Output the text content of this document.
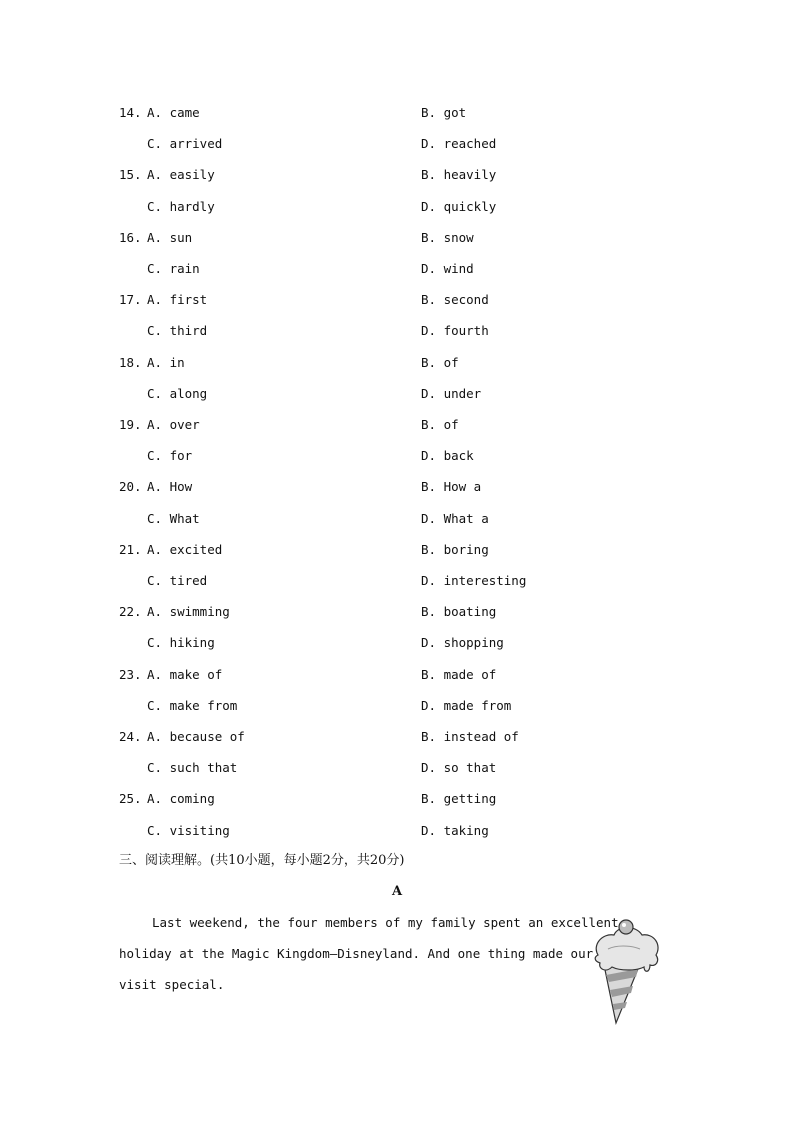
14. A. came	B. got
C. arrived	D. reached
15. A. easily	B. heavily
C. hardly	D. quickly
16. A. sun	B. snow
C. rain	D. wind
17. A. first	B. second
C. third	D. fourth
18. A. in	B. of
C. along	D. under
19. A. over	B. of
C. for	D. back
20. A. How	B. How a
C. What	D. What a
21. A. excited	B. boring
C. tired	D. interesting
22. A. swimming	B. boating
C. hiking	D. shopping
23. A. make of	B. made of
C. make from	D. made from
24. A. because of	B. instead of
C. such that	D. so that
25. A. coming	B. getting
C. visiting	D. taking
三、阅读理解。(共10小题，每小题2分，共20分)
A
Last weekend, the four members of my family spent an excellent
holiday at the Magic Kingdom—Disneyland. And one thing made our
visit special.
